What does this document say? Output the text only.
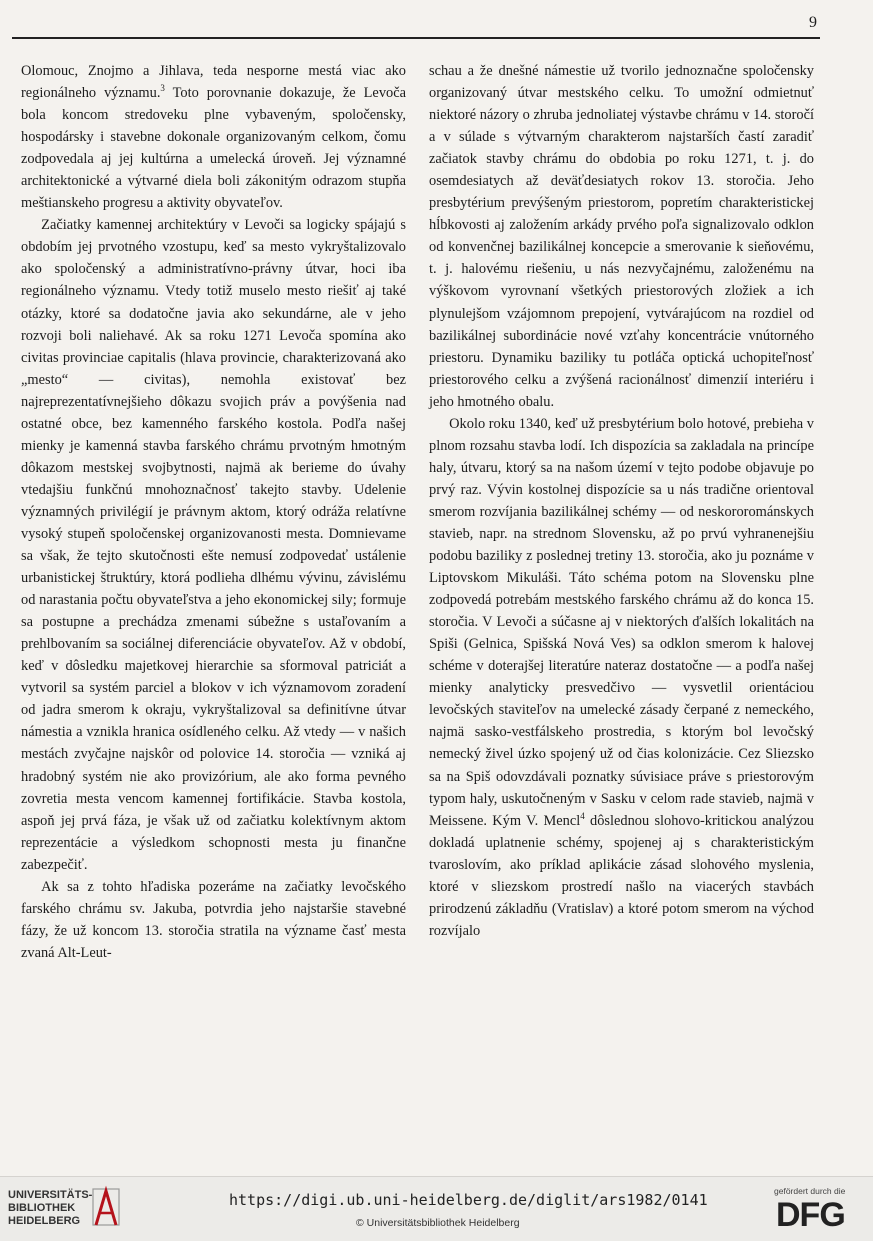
9

Olomouc, Znojmo a Jihlava, teda nesporne mestá viac ako regionálneho významu.$^3$ Toto porovnanie dokazuje, že Levoča bola koncom stredoveku plne vybaveným, spoločensky, hospodársky i stavebne dokonale organizovaným celkom, čomu zodpovedala aj jej kultúrna a umelecká úroveň. Jej významné architektonické a výtvarné diela boli zákonitým odrazom stupňa meštianskeho progresu a aktivity obyvateľov.

Začiatky kamennej architektúry v Levoči sa logicky spájajú s obdobím jej prvotného vzostupu, keď sa mesto vykryštalizovalo ako spoločenský a administratívno-právny útvar, hoci iba regionálneho významu. Vtedy totiž muselo mesto riešiť aj také otázky, ktoré sa dodatočne javia ako sekundárne, ale v jeho rozvoji boli naliehavé. Ak sa roku 1271 Levoča spomína ako civitas provinciae capitalis (hlava provincie, charakterizovaná ako „mesto“ — civitas), nemohla existovať bez najreprezentatívnejšieho dôkazu svojich práv a povýšenia nad ostatné obce, bez kamenného farského kostola. Podľa našej mienky je kamenná stavba farského chrámu prvotným hmotným dôkazom mestskej svojbytnosti, najmä ak berieme do úvahy vtedajšiu funkčnú mnohoznačnosť takejto stavby. Udelenie významných privilégií je právnym aktom, ktorý odráža relatívne vysoký stupeň spoločenskej organizovanosti mesta. Domnievame sa však, že tejto skutočnosti ešte nemusí zodpovedať ustálenie urbanistickej štruktúry, ktorá podlieha dlhému vývinu, závislému od narastania počtu obyvateľstva a jeho ekonomickej sily; formuje sa postupne a prechádza zmenami súbežne s ustaľovaním a prehlbovaním sa sociálnej diferenciácie obyvateľov. Až v období, keď v dôsledku majetkovej hierarchie sa sformoval patriciát a vytvoril sa systém parciel a blokov v ich významovom zoradení od jadra smerom k okraju, vykryštalizoval sa definitívne útvar námestia a vznikla hranica osídleného celku. Až vtedy — v našich mestách zvyčajne najskôr od polovice 14. storočia — vzniká aj hradobný systém nie ako provizórium, ale ako forma pevného zovretia mesta vencom kamennej fortifikácie. Stavba kostola, aspoň jej prvá fáza, je však už od začiatku kolektívnym aktom reprezentácie a výsledkom schopnosti mesta ju finančne zabezpečiť.

Ak sa z tohto hľadiska pozeráme na začiatky levočského farského chrámu sv. Jakuba, potvrdia jeho najstaršie stavebné fázy, že už koncom 13. storočia stratila na význame časť mesta zvaná Alt-Leut-

schau a že dnešné námestie už tvorilo jednoznačne spoločensky organizovaný útvar mestského celku. To umožní odmietnuť niektoré názory o zhruba jednoliatej výstavbe chrámu v 14. storočí a v súlade s výtvarným charakterom najstarších častí zaradiť začiatok stavby chrámu do obdobia po roku 1271, t. j. do osemdesiatych až deväťdesiatych rokov 13. storočia. Jeho presbytérium prevýšeným priestorom, popretím charakteristickej hĺbkovosti aj založením arkády prvého poľa signalizovalo odklon od konvenčnej bazilikálnej koncepcie a smerovanie k sieňovému, t. j. halovému riešeniu, u nás nezvyčajnému, založenému na výškovom vyrovnaní všetkých priestorových zložiek a ich plynulejšom vzájomnom prepojení, vytvárajúcom na rozdiel od bazilikálnej subordinácie nové vzťahy koncentrácie vnútorného priestoru. Dynamiku baziliky tu potláča optická uchopiteľnosť priestorového celku a zvýšená racionálnosť dimenzií interiéru i jeho hmotného obalu.

Okolo roku 1340, keď už presbytérium bolo hotové, prebieha v plnom rozsahu stavba lodí. Ich dispozícia sa zakladala na princípe haly, útvaru, ktorý sa na našom území v tejto podobe objavuje po prvý raz. Vývin kostolnej dispozície sa u nás tradične orientoval smerom rozvíjania bazilikálnej schémy — od neskororománskych stavieb, napr. na strednom Slovensku, až po prvú vyhranenejšiu podobu baziliky z poslednej tretiny 13. storočia, ako ju poznáme v Liptovskom Mikuláši. Táto schéma potom na Slovensku plne zodpovedá potrebám mestského farského chrámu až do konca 15. storočia. V Levoči a súčasne aj v niektorých ďalších lokalitách na Spiši (Gelnica, Spišská Nová Ves) sa odklon smerom k halovej schéme v doterajšej literatúre nateraz dostatočne — a podľa našej mienky analyticky presvedčivo — vysvetlil orientáciou levočských staviteľov na umelecké zásady čerpané z nemeckého, najmä sasko-vestfálskeho prostredia, s ktorým bol levočský nemecký živel úzko spojený už od čias kolonizácie. Cez Sliezsko sa na Spiš odovzdávali poznatky súvisiace práve s priestorovým typom haly, uskutočneným v Sasku v celom rade stavieb, najmä v Meissene. Kým V. Mencl$^4$ dôslednou slohovo-kritickou analýzou dokladá uplatnenie schémy, spojenej aj s charakteristickým tvaroslovím, ako príklad aplikácie zásad slohového myslenia, ktoré v sliezskom prostredí našlo na viacerých stavbách prirodzenú základňu (Vratislav) a ktoré potom smerom na východ rozvíjalo

UNIVERSITÄTS-
BIBLIOTHEK
HEIDELBERG
https://digi.ub.uni-heidelberg.de/diglit/ars1982/0141
© Universitätsbibliothek Heidelberg
gefördert durch die
DFG
